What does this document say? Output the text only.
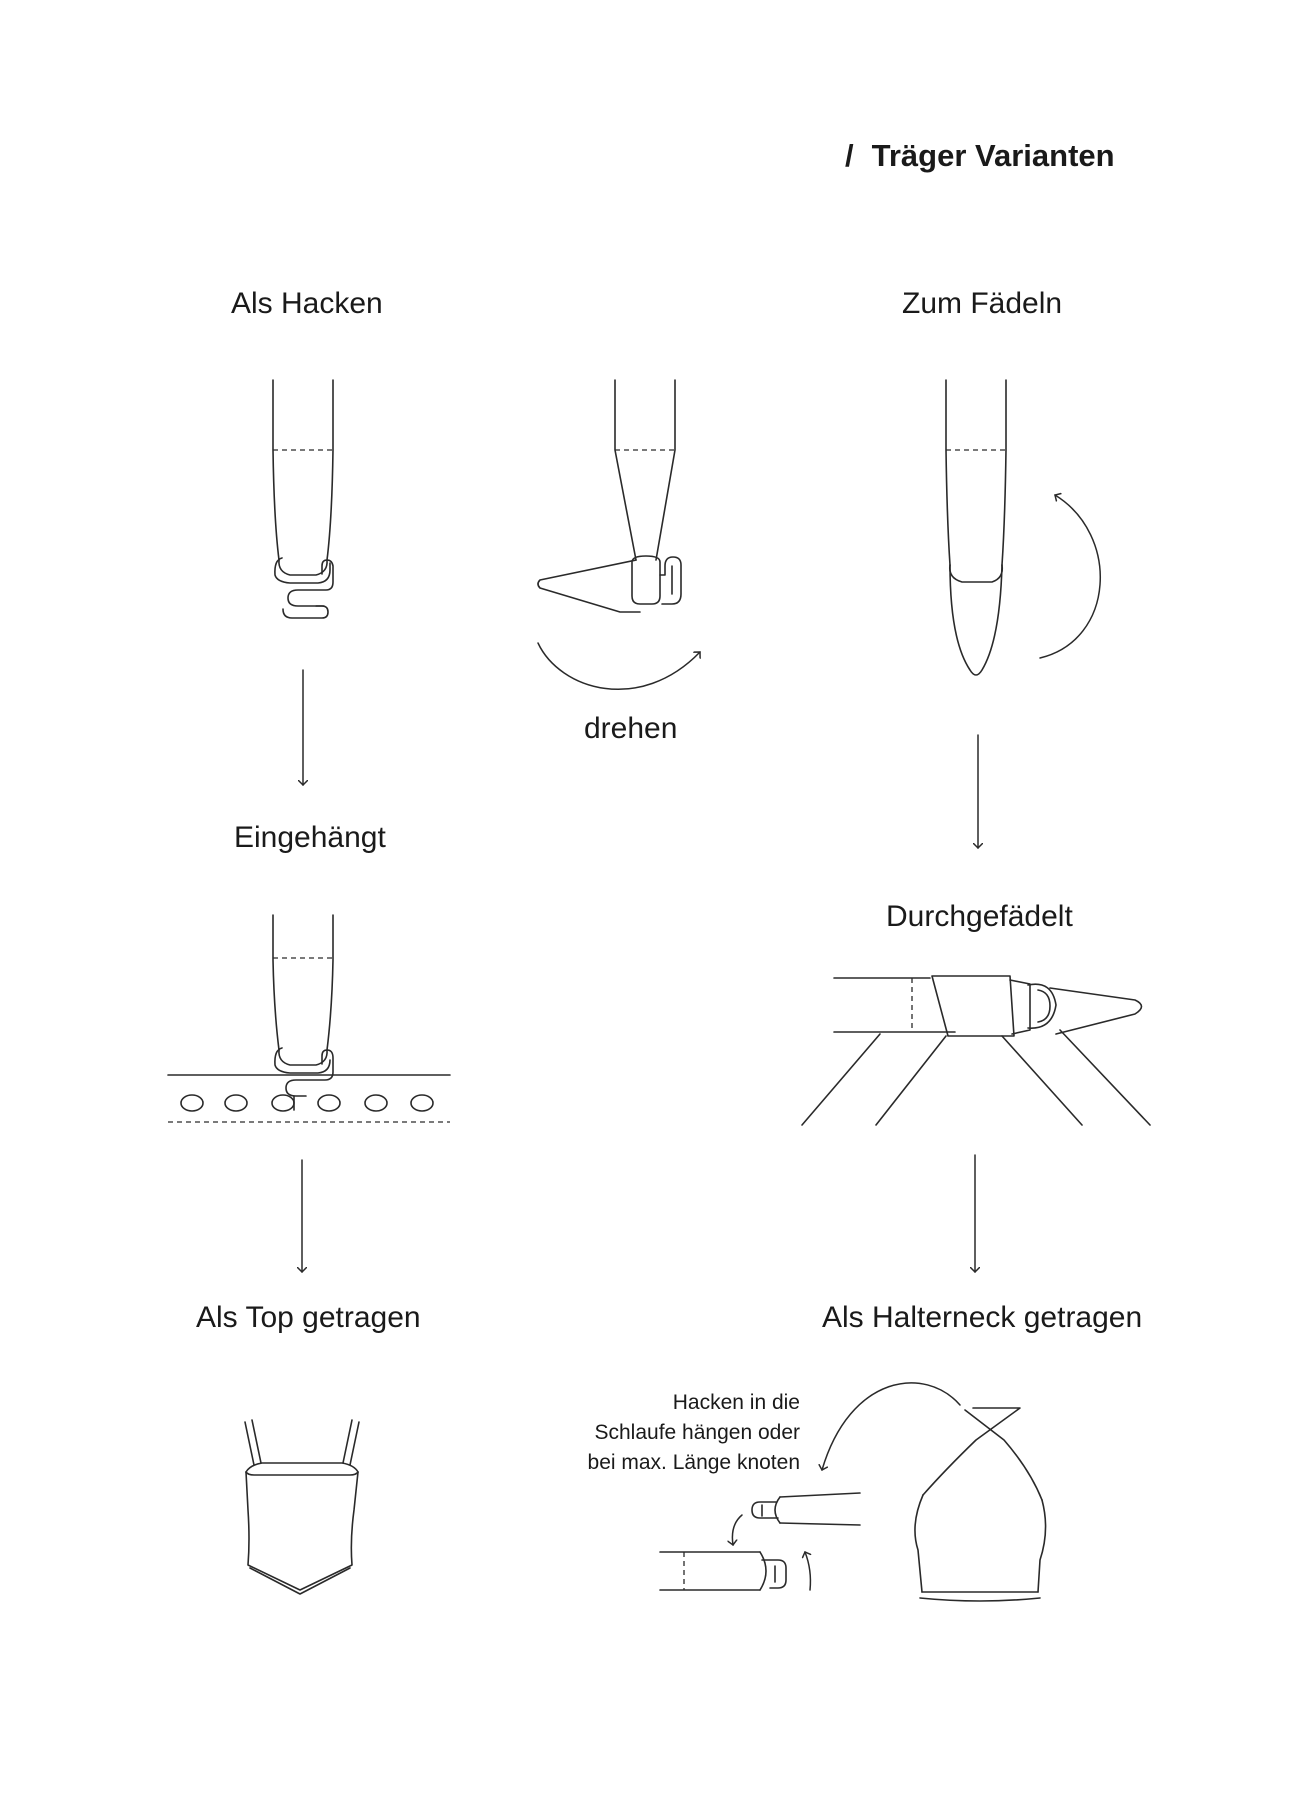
/ Träger Varianten
Als Hacken	Zum Fädeln
drehen
Eingehängt
Durchgefädelt
Als Top getragen	Als Halterneck getragen
Hacken in die
Schlaufe hängen oder
bei max. Länge knoten
